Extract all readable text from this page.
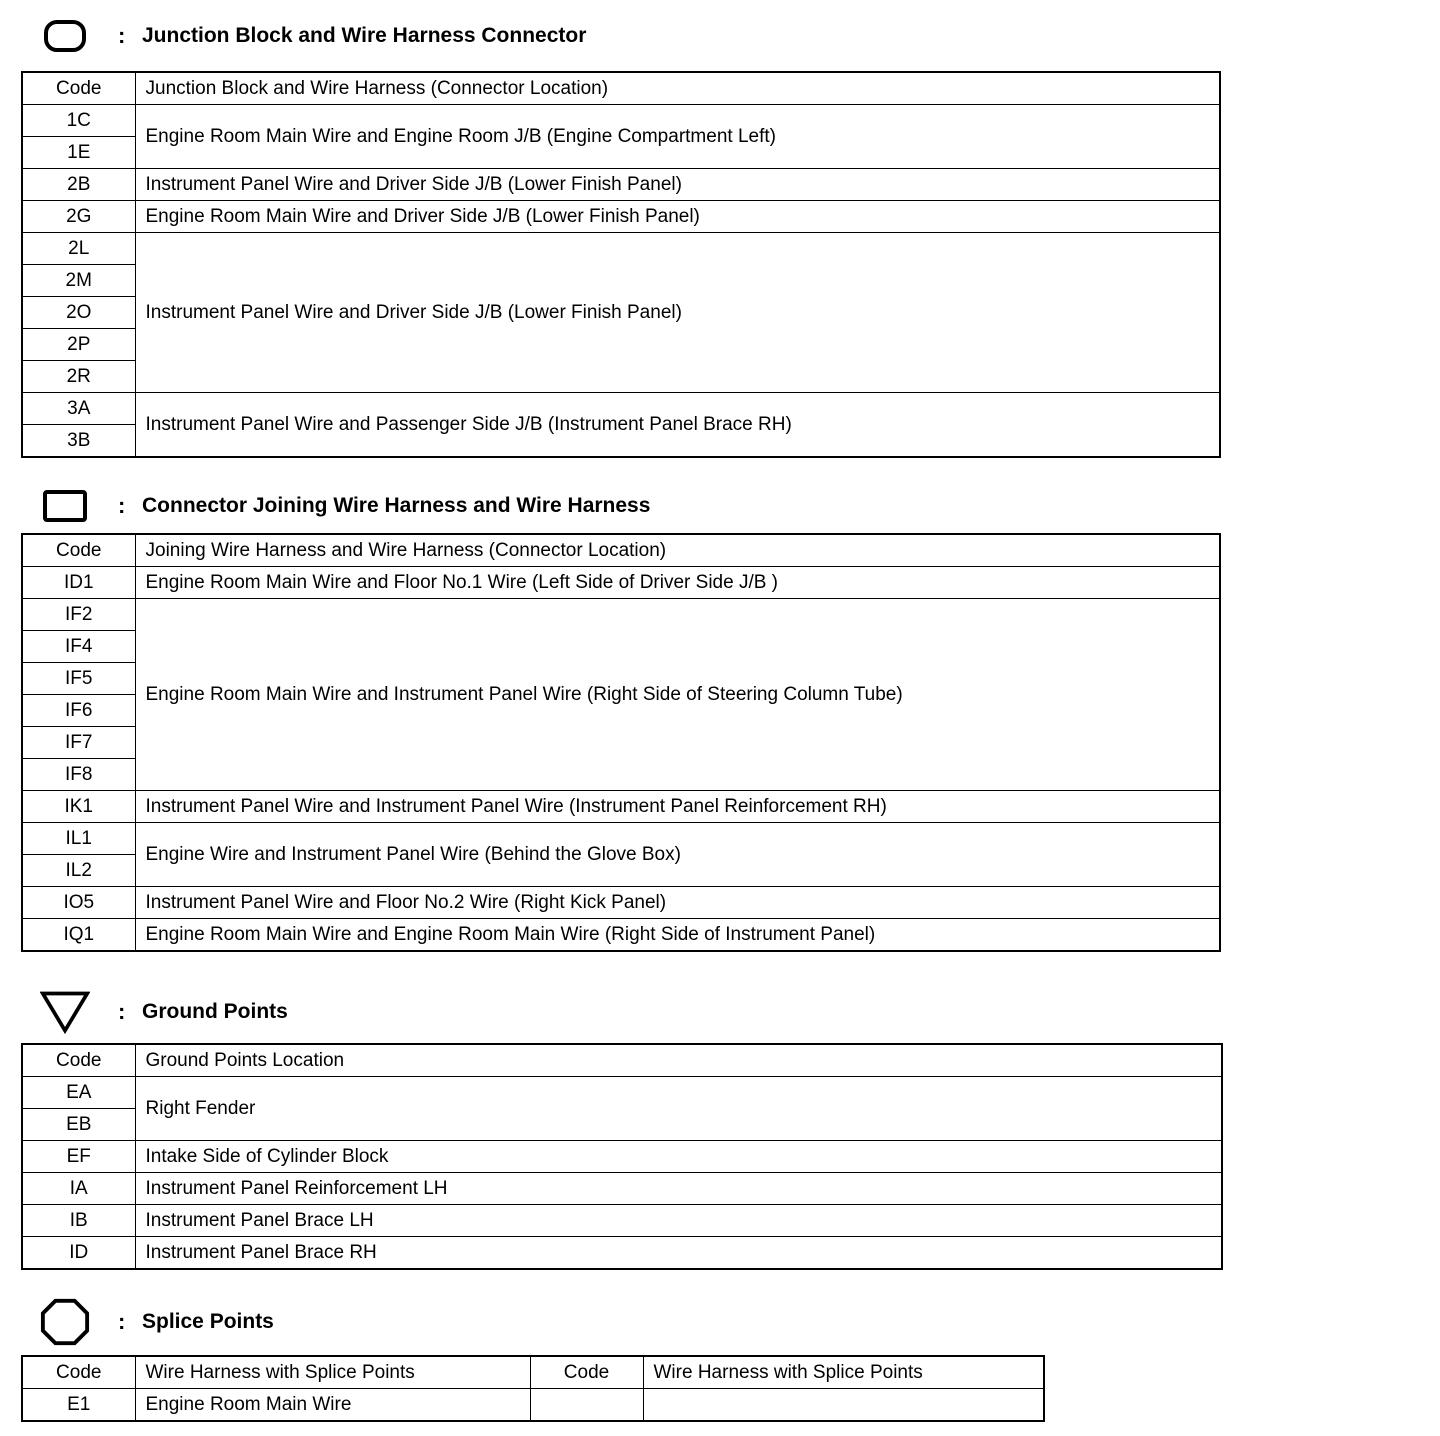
: Junction Block and Wire Harness Connector
Code	Junction Block and Wire Harness (Connector Location)
1C	Engine Room Main Wire and Engine Room J/B (Engine Compartment Left)
1E	
2B	Instrument Panel Wire and Driver Side J/B (Lower Finish Panel)
2G	Engine Room Main Wire and Driver Side J/B (Lower Finish Panel)
2L	Instrument Panel Wire and Driver Side J/B (Lower Finish Panel)
2M	
2O	
2P	
2R	
3A	Instrument Panel Wire and Passenger Side J/B (Instrument Panel Brace RH)
3B	
: Connector Joining Wire Harness and Wire Harness
Code	Joining Wire Harness and Wire Harness (Connector Location)
ID1	Engine Room Main Wire and Floor No.1 Wire (Left Side of Driver Side J/B )
IF2	Engine Room Main Wire and Instrument Panel Wire (Right Side of Steering Column Tube)
IF4	
IF5	
IF6	
IF7	
IF8	
IK1	Instrument Panel Wire and Instrument Panel Wire (Instrument Panel Reinforcement RH)
IL1	Engine Wire and Instrument Panel Wire (Behind the Glove Box)
IL2	
IO5	Instrument Panel Wire and Floor No.2 Wire (Right Kick Panel)
IQ1	Engine Room Main Wire and Engine Room Main Wire (Right Side of Instrument Panel)
: Ground Points
Code	Ground Points Location
EA	Right Fender
EB	
EF	Intake Side of Cylinder Block
IA	Instrument Panel Reinforcement LH
IB	Instrument Panel Brace LH
ID	Instrument Panel Brace RH
: Splice Points
Code	Wire Harness with Splice Points	Code	Wire Harness with Splice Points
E1	Engine Room Main Wire		
